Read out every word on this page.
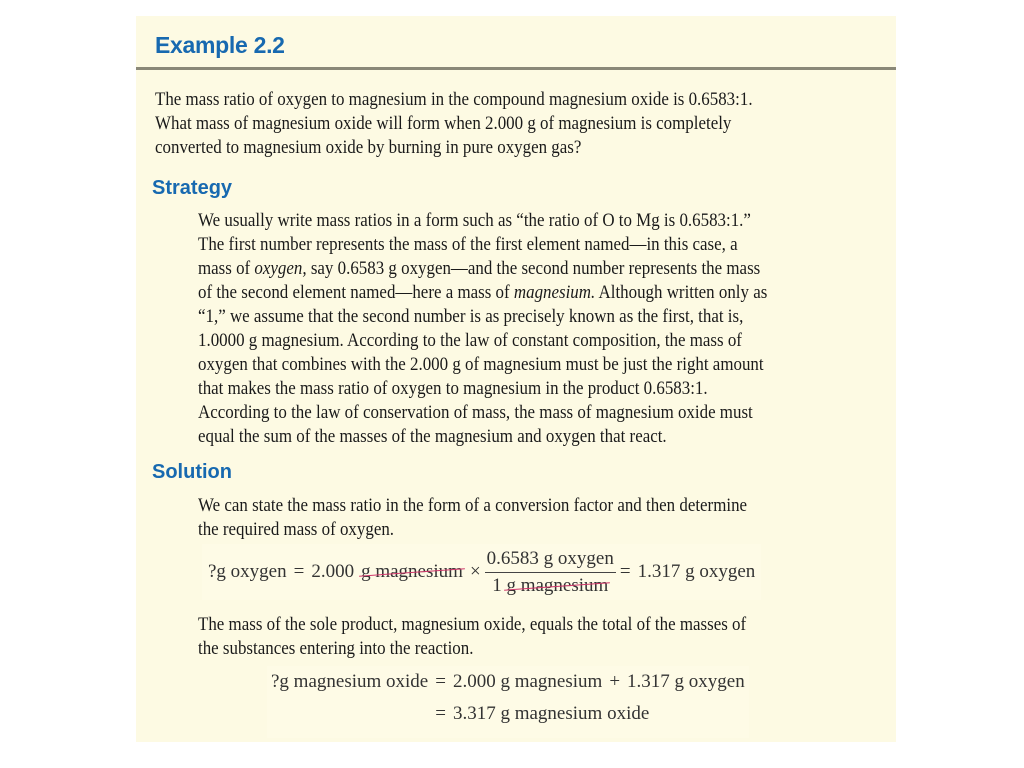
Example 2.2
The mass ratio of oxygen to magnesium in the compound magnesium oxide is 0.6583:1.
What mass of magnesium oxide will form when 2.000 g of magnesium is completely
converted to magnesium oxide by burning in pure oxygen gas?
Strategy
We usually write mass ratios in a form such as “the ratio of O to Mg is 0.6583:1.”
The first number represents the mass of the first element named—in this case, a
mass of oxygen, say 0.6583 g oxygen—and the second number represents the mass
of the second element named—here a mass of magnesium. Although written only as
“1,” we assume that the second number is as precisely known as the first, that is,
1.0000 g magnesium. According to the law of constant composition, the mass of
oxygen that combines with the 2.000 g of magnesium must be just the right amount
that makes the mass ratio of oxygen to magnesium in the product 0.6583:1.
According to the law of conservation of mass, the mass of magnesium oxide must
equal the sum of the masses of the magnesium and oxygen that react.
Solution
We can state the mass ratio in the form of a conversion factor and then determine
the required mass of oxygen.
?g oxygen = 2.000 g magnesium × $\frac{\text{0.6583 g oxygen}}{\text{1 g magnesium}} = 1.317$ g oxygen
The mass of the sole product, magnesium oxide, equals the total of the masses of
the substances entering into the reaction.
?g magnesium oxide = 2.000 g magnesium + 1.317 g oxygen
= 3.317 g magnesium oxide
